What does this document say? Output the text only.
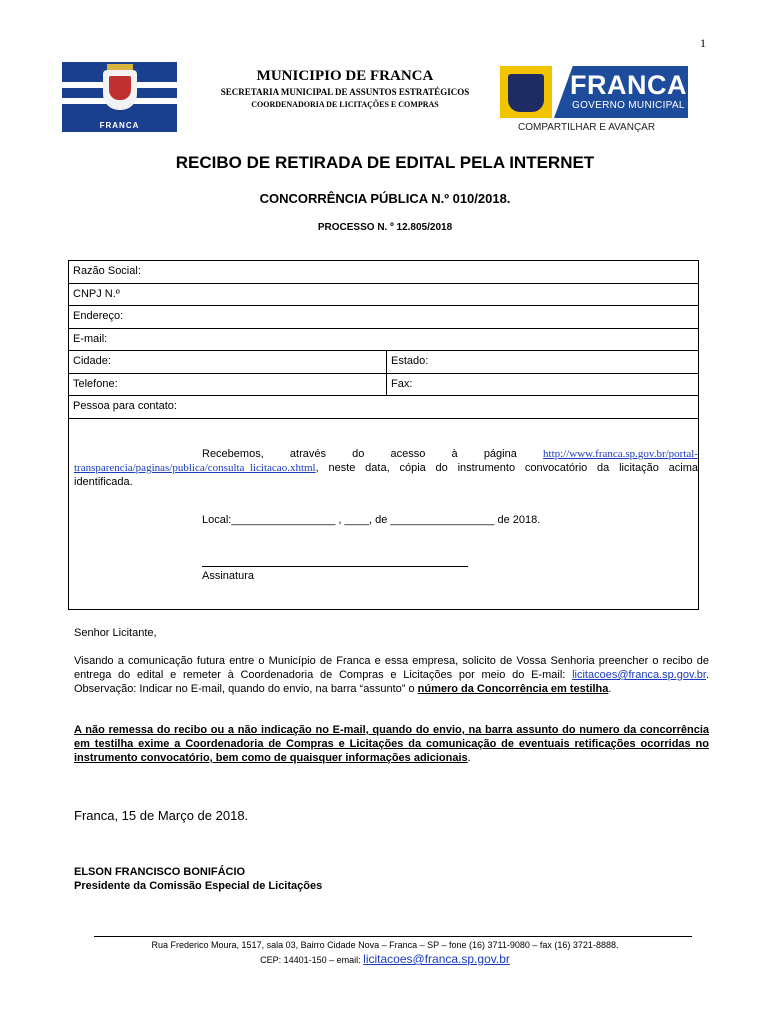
1
FRANCA
MUNICIPIO DE FRANCA
SECRETARIA MUNICIPAL DE ASSUNTOS ESTRATÉGICOS
COORDENADORIA DE LICITAÇÕES E COMPRAS
FRANCA
GOVERNO MUNICIPAL
COMPARTILHAR E AVANÇAR
RECIBO DE RETIRADA DE EDITAL PELA INTERNET
CONCORRÊNCIA PÚBLICA N.º 010/2018.
PROCESSO N. º 12.805/2018
Razão Social:
CNPJ N.º
Endereço:
E-mail:
Cidade:	Estado:
Telefone:	Fax:
Pessoa para contato:
Recebemos, através do acesso à página http://www.franca.sp.gov.br/portal-transparencia/paginas/publica/consulta_licitacao.xhtml, neste data, cópia do instrumento convocatório da licitação acima identificada.
Local:_________________ , ____, de _________________ de 2018.
Assinatura
Senhor Licitante,
Visando a comunicação futura entre o Município de Franca e essa empresa, solicito de Vossa Senhoria preencher o recibo de entrega do edital e remeter à Coordenadoria de Compras e Licitações por meio do E-mail: licitacoes@franca.sp.gov.br. Observação: Indicar no E-mail, quando do envio, na barra “assunto” o número da Concorrência em testilha.
A não remessa do recibo ou a não indicação no E-mail, quando do envio, na barra assunto do numero da concorrência em testilha exime a Coordenadoria de Compras e Licitações da comunicação de eventuais retificações ocorridas no instrumento convocatório, bem como de quaisquer informações adicionais.
Franca, 15 de Março de 2018.
ELSON FRANCISCO BONIFÁCIO
Presidente da Comissão Especial de Licitações
Rua Frederico Moura, 1517, sala 03, Bairro Cidade Nova – Franca – SP – fone (16) 3711-9080 – fax (16) 3721-8888.
CEP: 14401-150 – email: licitacoes@franca.sp.gov.br
